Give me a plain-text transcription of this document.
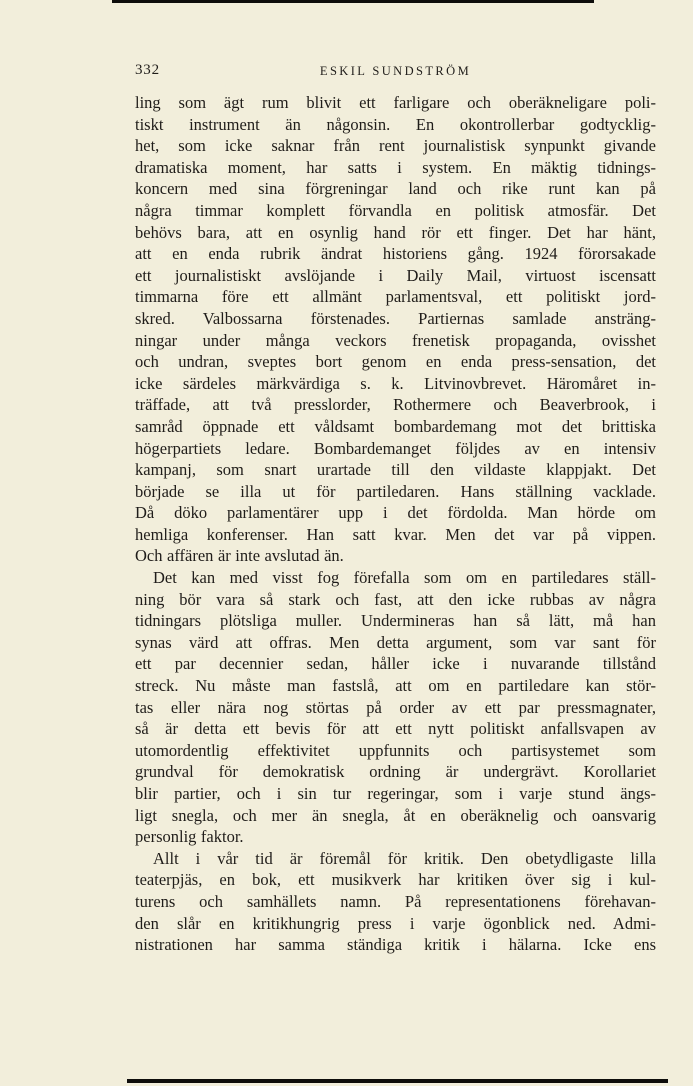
332	ESKIL SUNDSTRÖM
ling som ägt rum blivit ett farligare och oberäkneligare poli-
tiskt instrument än någonsin. En okontrollerbar godtycklig-
het, som icke saknar från rent journalistisk synpunkt givande
dramatiska moment, har satts i system. En mäktig tidnings-
koncern med sina förgreningar land och rike runt kan på
några timmar komplett förvandla en politisk atmosfär. Det
behövs bara, att en osynlig hand rör ett finger. Det har hänt,
att en enda rubrik ändrat historiens gång. 1924 förorsakade
ett journalistiskt avslöjande i Daily Mail, virtuost iscensatt
timmarna före ett allmänt parlamentsval, ett politiskt jord-
skred. Valbossarna förstenades. Partiernas samlade ansträng-
ningar under många veckors frenetisk propaganda, ovisshet
och undran, sveptes bort genom en enda press-sensation, det
icke särdeles märkvärdiga s. k. Litvinovbrevet. Häromåret in-
träffade, att två presslorder, Rothermere och Beaverbrook, i
samråd öppnade ett våldsamt bombardemang mot det brittiska
högerpartiets ledare. Bombardemanget följdes av en intensiv
kampanj, som snart urartade till den vildaste klappjakt. Det
började se illa ut för partiledaren. Hans ställning vacklade.
Då döko parlamentärer upp i det fördolda. Man hörde om
hemliga konferenser. Han satt kvar. Men det var på vippen.
Och affären är inte avslutad än.
Det kan med visst fog förefalla som om en partiledares ställ-
ning bör vara så stark och fast, att den icke rubbas av några
tidningars plötsliga muller. Undermineras han så lätt, må han
synas värd att offras. Men detta argument, som var sant för
ett par decennier sedan, håller icke i nuvarande tillstånd
streck. Nu måste man fastslå, att om en partiledare kan stör-
tas eller nära nog störtas på order av ett par pressmagnater,
så är detta ett bevis för att ett nytt politiskt anfallsvapen av
utomordentlig effektivitet uppfunnits och partisystemet som
grundval för demokratisk ordning är undergrävt. Korollariet
blir partier, och i sin tur regeringar, som i varje stund ängs-
ligt snegla, och mer än snegla, åt en oberäknelig och oansvarig
personlig faktor.
Allt i vår tid är föremål för kritik. Den obetydligaste lilla
teaterpjäs, en bok, ett musikverk har kritiken över sig i kul-
turens och samhällets namn. På representationens förehavan-
den slår en kritikhungrig press i varje ögonblick ned. Admi-
nistrationen har samma ständiga kritik i hälarna. Icke ens
